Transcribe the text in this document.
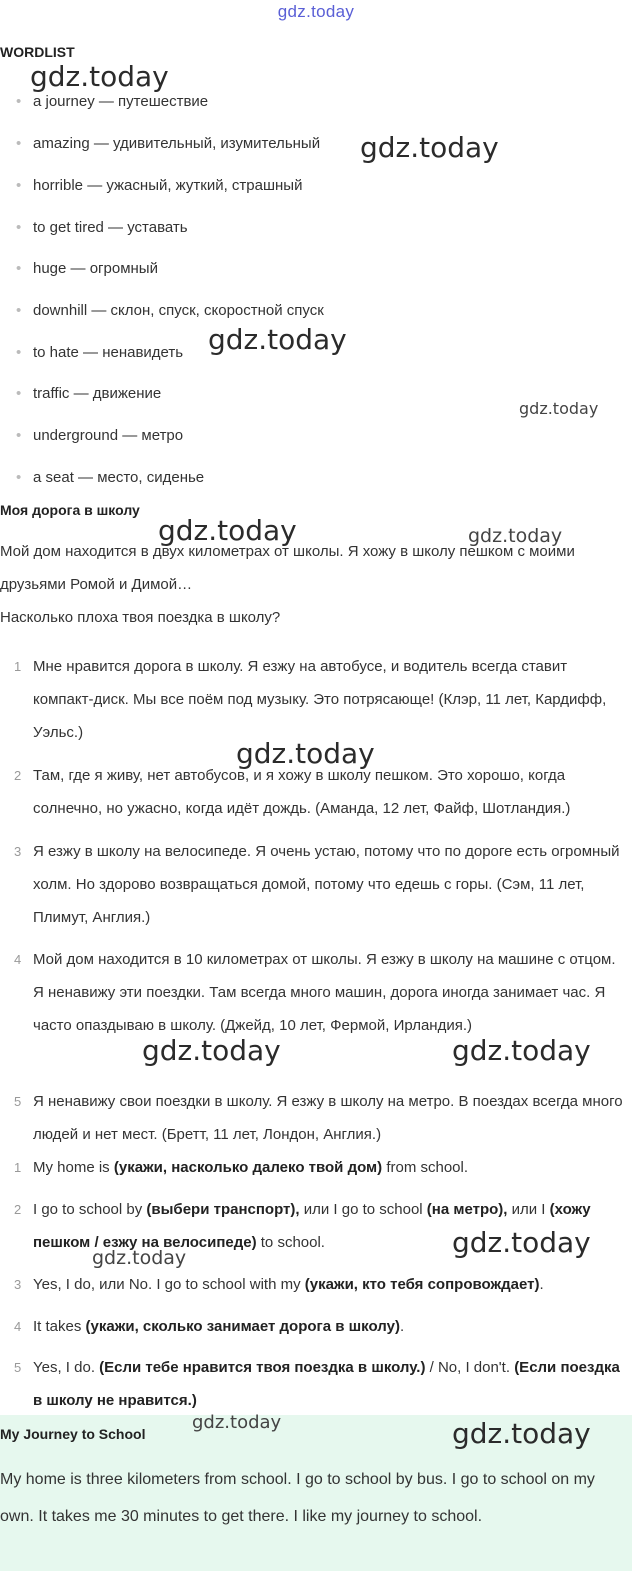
gdz.today
WORDLIST
• a journey — путешествие
• amazing — удивительный, изумительный
• horrible — ужасный, жуткий, страшный
• to get tired — уставать
• huge — огромный
• downhill — склон, спуск, скоростной спуск
• to hate — ненавидеть
• traffic — движение
• underground — метро
• a seat — место, сиденье
Моя дорога в школу
Мой дом находится в двух километрах от школы. Я хожу в школу пешком с моими друзьями Ромой и Димой…
Насколько плоха твоя поездка в школу?
1 Мне нравится дорога в школу. Я езжу на автобусе, и водитель всегда ставит компакт-диск. Мы все поём под музыку. Это потрясающе! (Клэр, 11 лет, Кардифф, Уэльс.)
2 Там, где я живу, нет автобусов, и я хожу в школу пешком. Это хорошо, когда солнечно, но ужасно, когда идёт дождь. (Аманда, 12 лет, Файф, Шотландия.)
3 Я езжу в школу на велосипеде. Я очень устаю, потому что по дороге есть огромный холм. Но здорово возвращаться домой, потому что едешь с горы. (Сэм, 11 лет, Плимут, Англия.)
4 Мой дом находится в 10 километрах от школы. Я езжу в школу на машине с отцом. Я ненавижу эти поездки. Там всегда много машин, дорога иногда занимает час. Я часто опаздываю в школу. (Джейд, 10 лет, Фермой, Ирландия.)
5 Я ненавижу свои поездки в школу. Я езжу в школу на метро. В поездах всегда много людей и нет мест. (Бретт, 11 лет, Лондон, Англия.)
1 My home is (укажи, насколько далеко твой дом) from school.
2 I go to school by (выбери транспорт), или I go to school (на метро), или I (хожу пешком / езжу на велосипеде) to school.
3 Yes, I do, или No. I go to school with my (укажи, кто тебя сопровождает).
4 It takes (укажи, сколько занимает дорога в школу).
5 Yes, I do. (Если тебе нравится твоя поездка в школу.) / No, I don't. (Если поездка в школу не нравится.)
My Journey to School
My home is three kilometers from school. I go to school by bus. I go to school on my own. It takes me 30 minutes to get there. I like my journey to school.
gdz.today
gdz.today
gdz.today
gdz.today
gdz.today	gdz.today
gdz.today
gdz.today	gdz.today
gdz.today
gdz.today
gdz.today	gdz.today
